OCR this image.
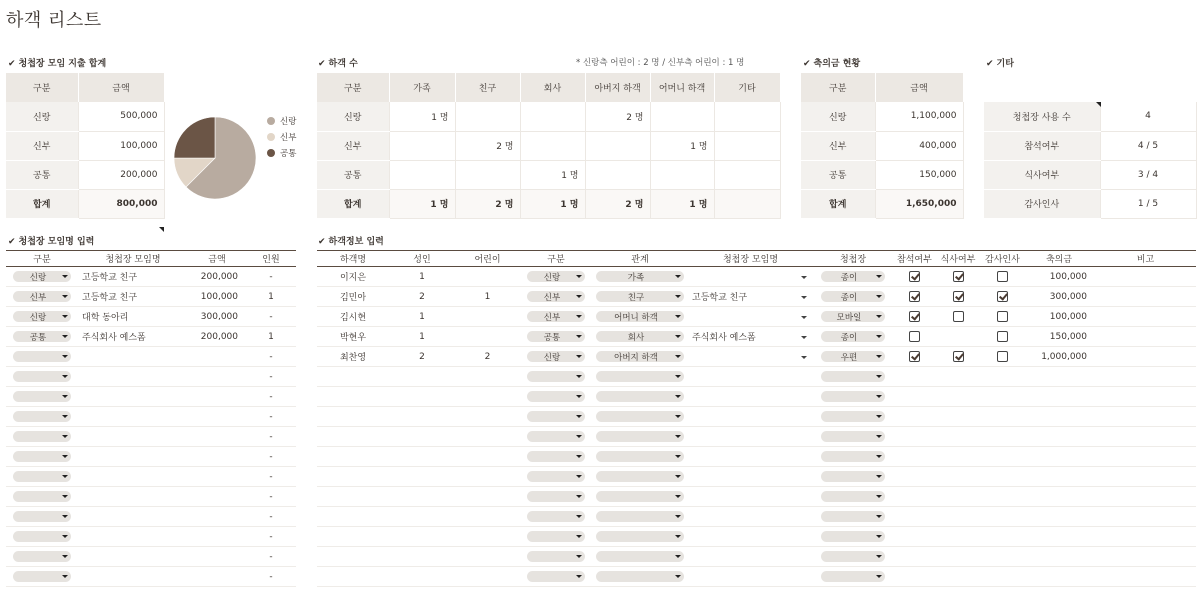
하객 리스트
✔ 청첩장 모임 지출 합계	✔ 하객 수	* 신랑측 어린이 : 2 명 / 신부측 어린이 : 1 명	✔ 축의금 현황	✔ 기타
구분	금액
신랑	500,000
신부	100,000
공통	200,000
합계	800,000
신랑
신부
공통
구분	가족	친구	회사	아버지 하객	어머니 하객	기타
신랑	1 명			2 명		
신부		2 명			1 명	
공통			1 명			
합계	1 명	2 명	1 명	2 명	1 명	
구분	금액
신랑	1,100,000
신부	400,000
공통	150,000
합계	1,650,000
청첩장 사용 수	4
참석여부	4 / 5
식사여부	3 / 4
감사인사	1 / 5
✔ 청첩장 모임명 입력	✔ 하객정보 입력
구분	청첩장 모임명	금액	인원

신랑	고등학교 친구	200,000	-

신부	고등학교 친구	100,000	1

신랑	대학 동아리	300,000	-

공통	주식회사 예스폼	200,000	1

			-

			-

			-

			-

			-

			-

			-

			-

			-

			-

			-

			-
하객명	성인	어린이	구분	관계	청첩장 모임명	청첩장	참석여부	식사여부	감사인사	축의금	비고
이지은	1		신랑	가족		종이				100,000	
김민아	2	1	신부	친구	고등학교 친구	종이				300,000	
김시현	1		신부	어머니 하객		모바일				100,000	
박현우	1		공통	회사	주식회사 예스폼	종이				150,000	
최찬영	2	2	신랑	아버지 하객		우편				1,000,000	
